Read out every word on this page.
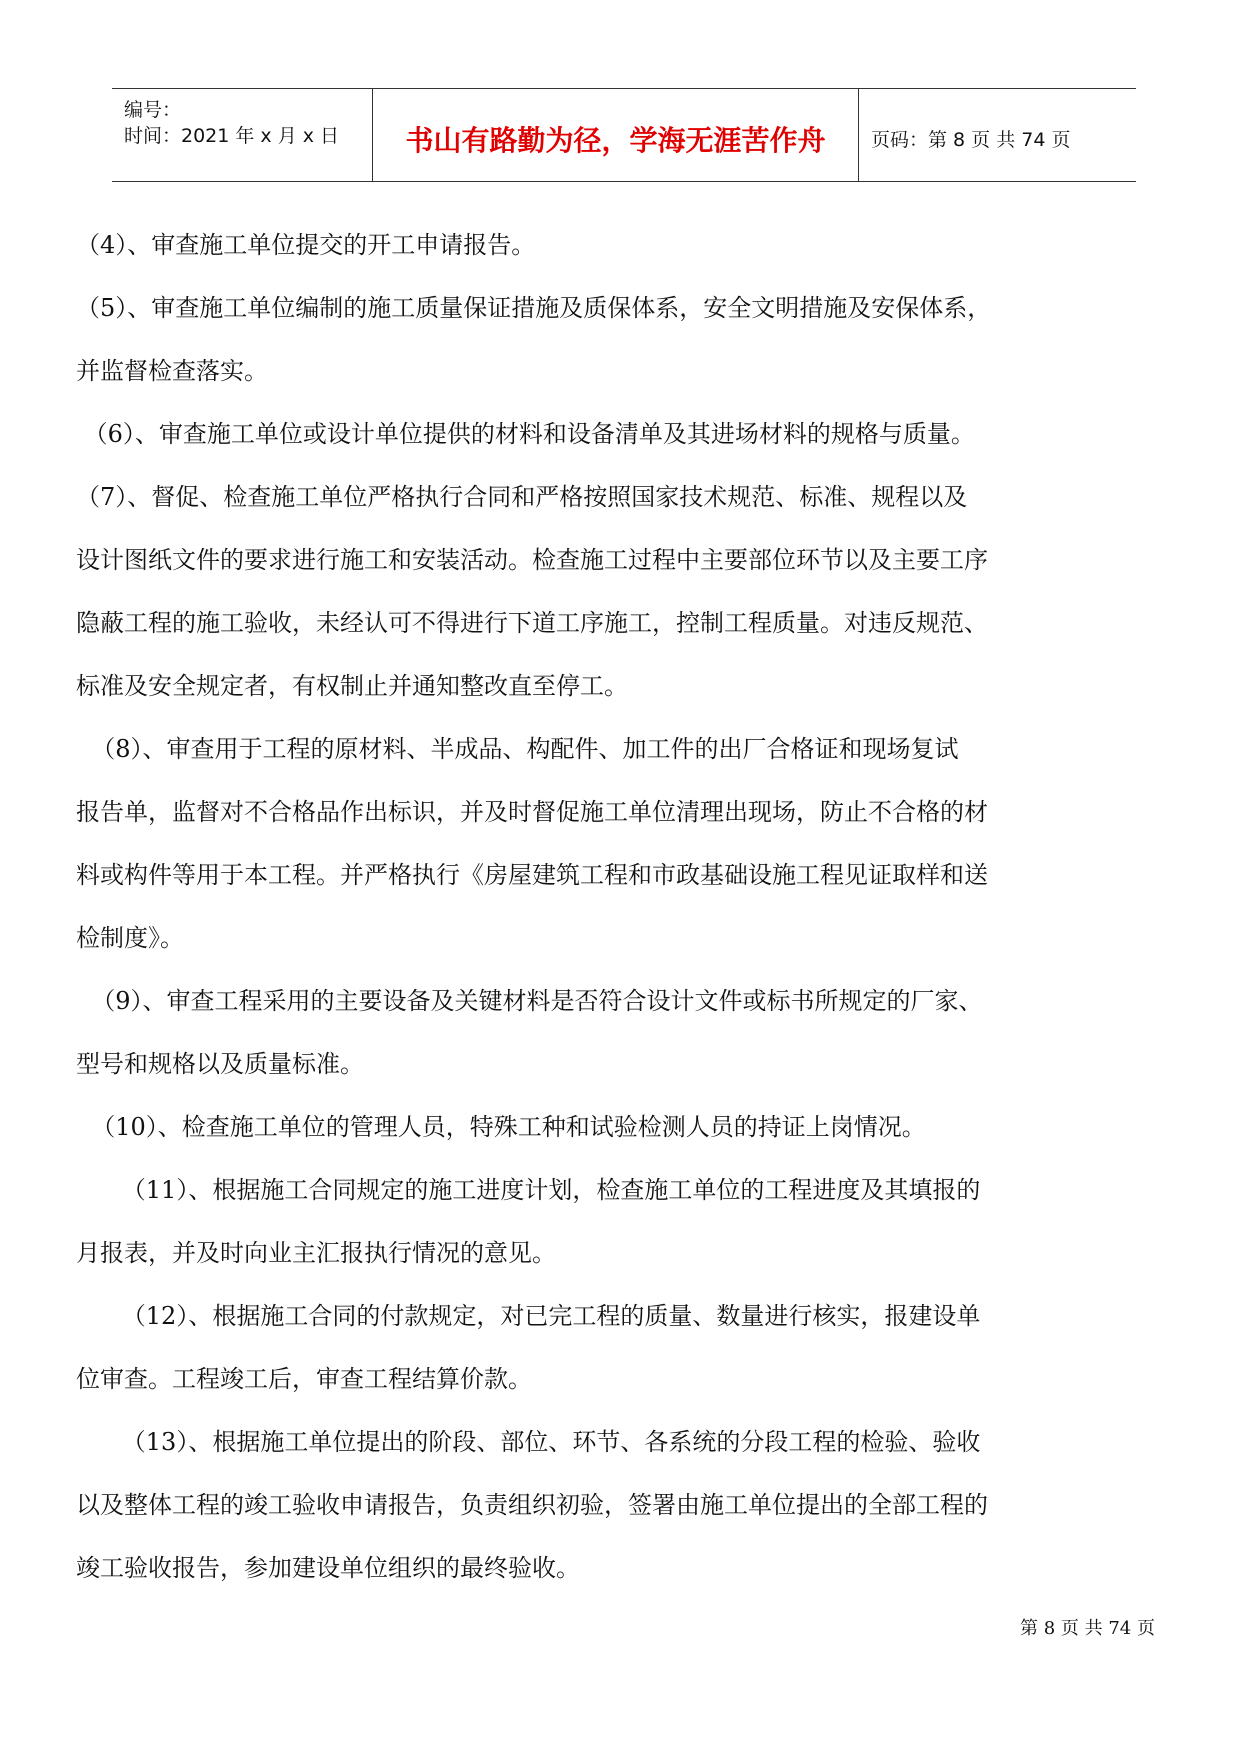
编号：
时间：2021 年 x 月 x 日	书山有路勤为径，学海无涯苦作舟	页码：第 8 页 共 74 页

（4）、审查施工单位提交的开工申请报告。

（5）、审查施工单位编制的施工质量保证措施及质保体系，安全文明措施及安保体系，

并监督检查落实。

（6）、审查施工单位或设计单位提供的材料和设备清单及其进场材料的规格与质量。

（7）、督促、检查施工单位严格执行合同和严格按照国家技术规范、标准、规程以及

设计图纸文件的要求进行施工和安装活动。检查施工过程中主要部位环节以及主要工序

隐蔽工程的施工验收，未经认可不得进行下道工序施工，控制工程质量。对违反规范、

标准及安全规定者，有权制止并通知整改直至停工。

（8）、审查用于工程的原材料、半成品、构配件、加工件的出厂合格证和现场复试

报告单，监督对不合格品作出标识，并及时督促施工单位清理出现场，防止不合格的材

料或构件等用于本工程。并严格执行《房屋建筑工程和市政基础设施工程见证取样和送

检制度》。

（9）、审查工程采用的主要设备及关键材料是否符合设计文件或标书所规定的厂家、

型号和规格以及质量标准。

（10）、检查施工单位的管理人员，特殊工种和试验检测人员的持证上岗情况。

（11）、根据施工合同规定的施工进度计划，检查施工单位的工程进度及其填报的

月报表，并及时向业主汇报执行情况的意见。

（12）、根据施工合同的付款规定，对已完工程的质量、数量进行核实，报建设单

位审查。工程竣工后，审查工程结算价款。

（13）、根据施工单位提出的阶段、部位、环节、各系统的分段工程的检验、验收

以及整体工程的竣工验收申请报告，负责组织初验，签署由施工单位提出的全部工程的

竣工验收报告，参加建设单位组织的最终验收。

第 8 页 共 74 页
